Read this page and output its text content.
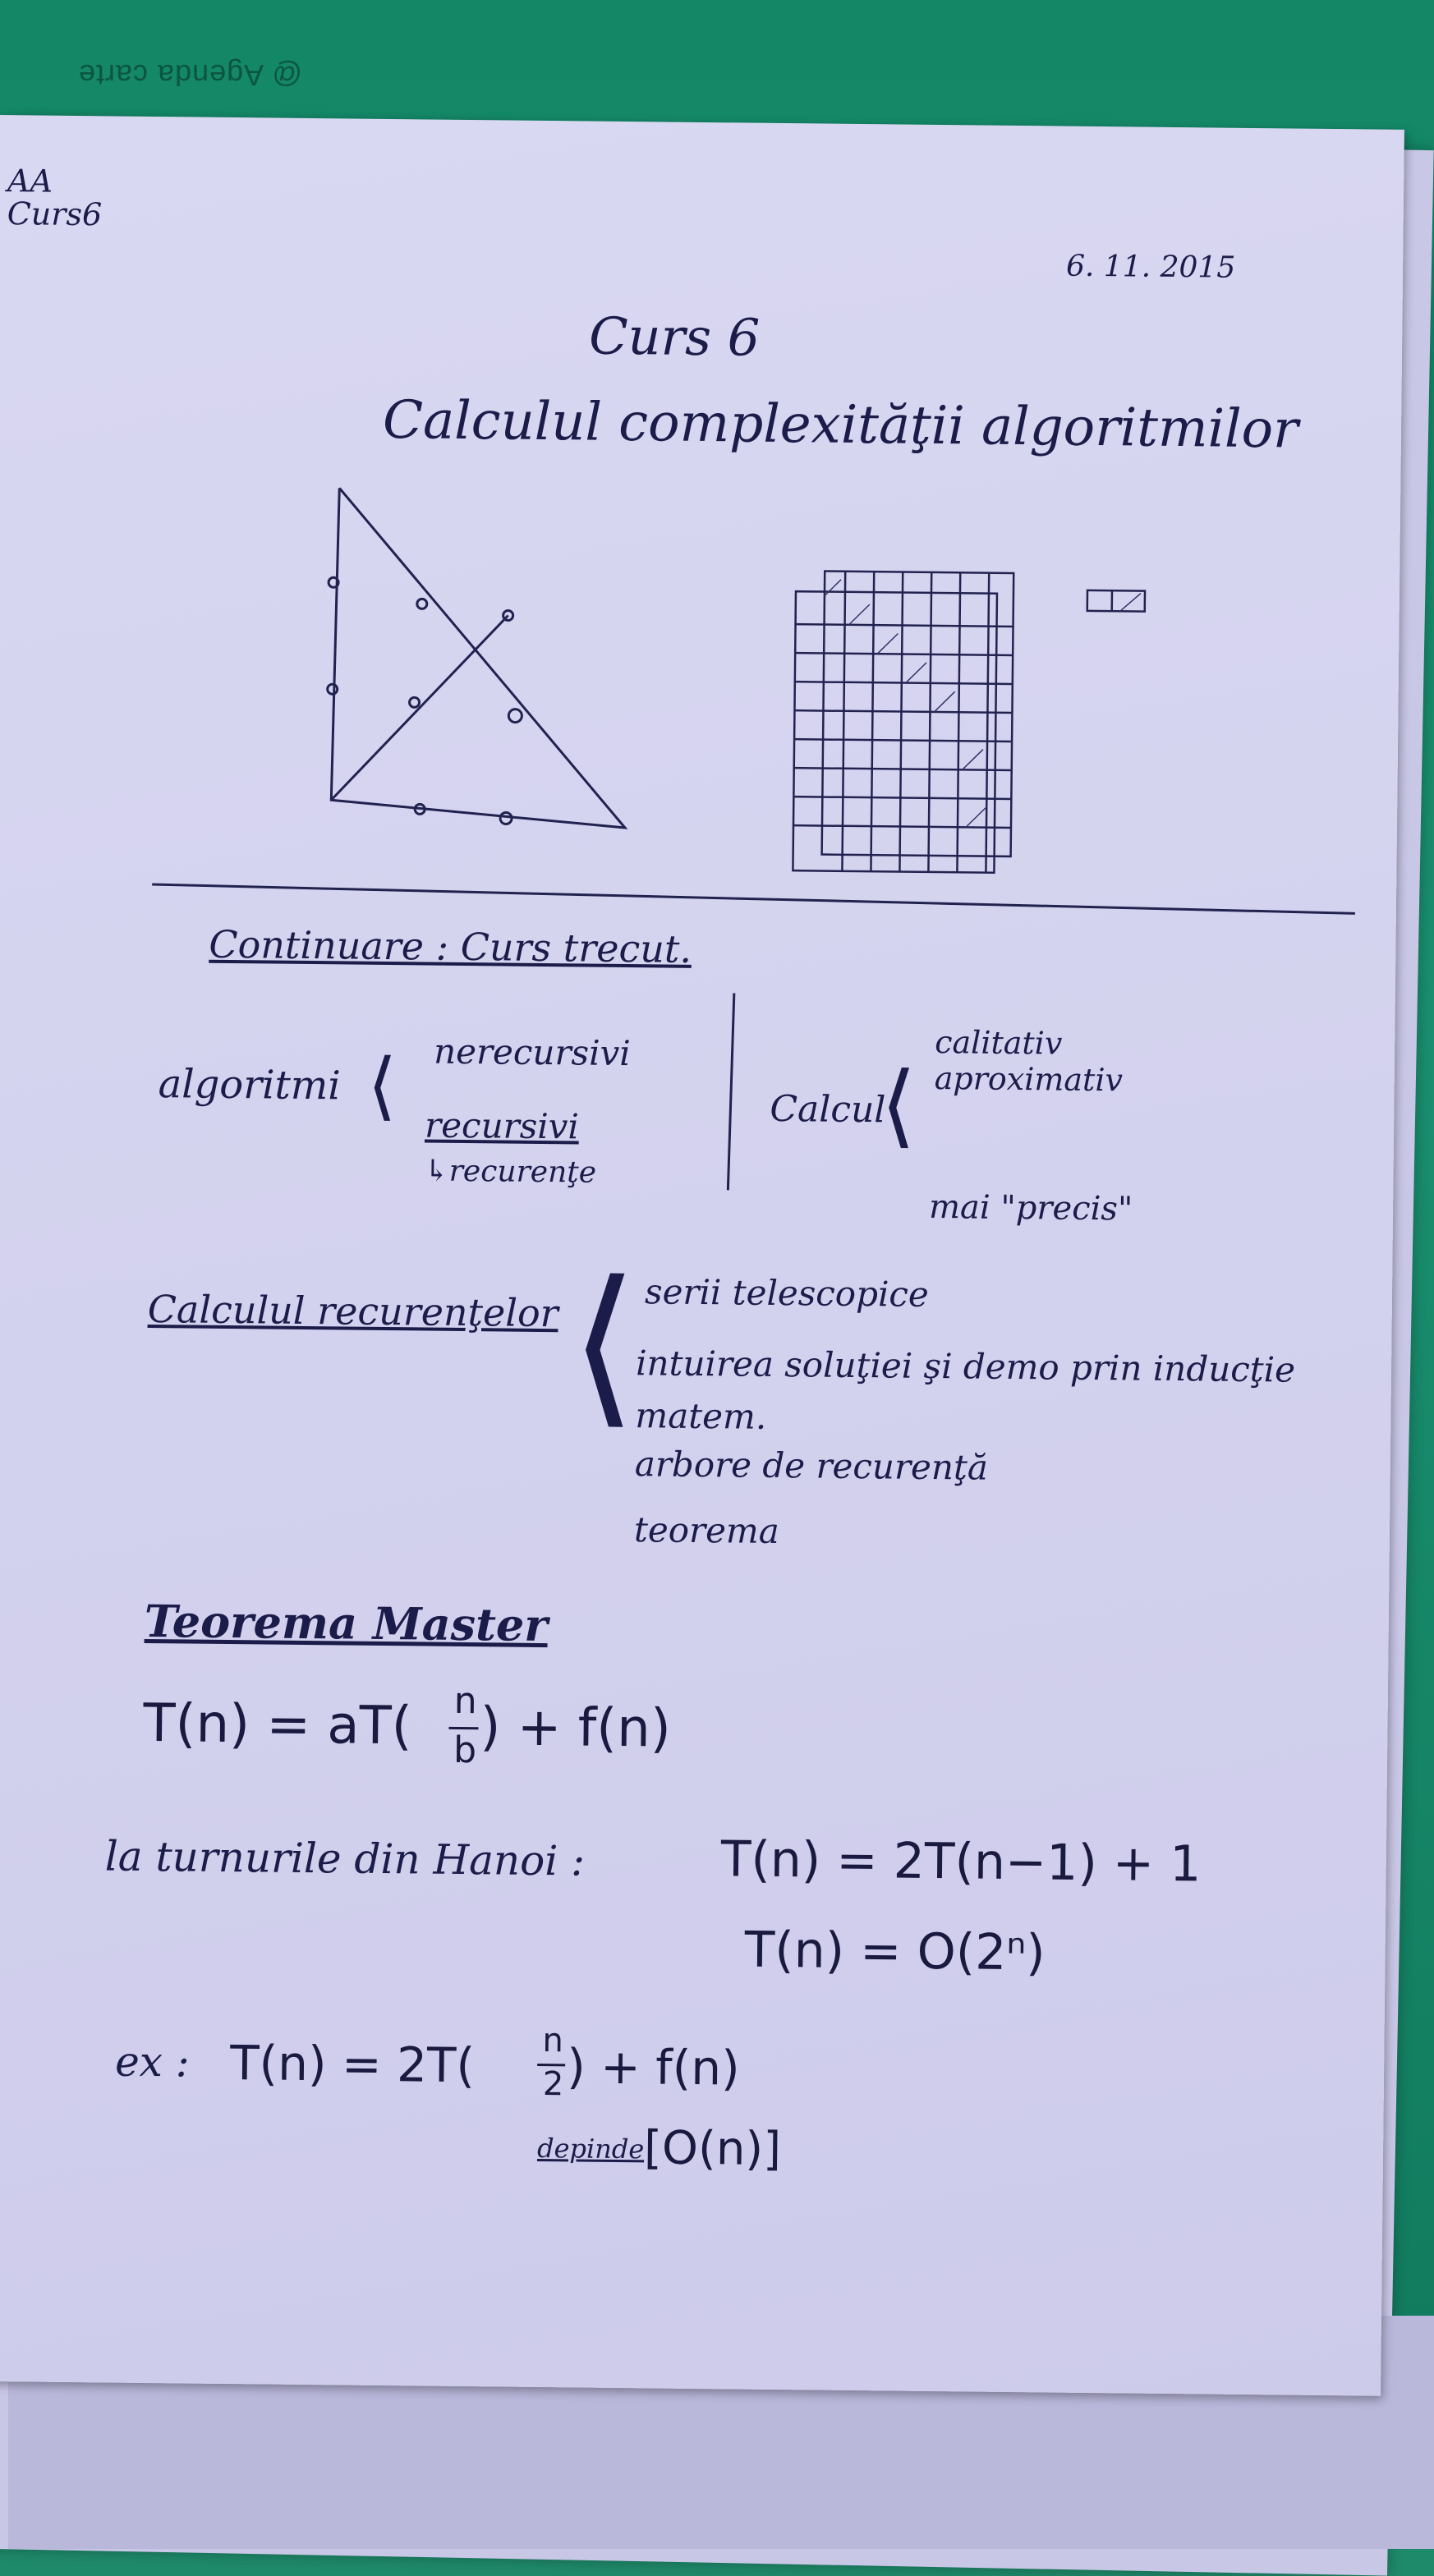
@ Agenda carte
AA Curs6
6. 11. 2015
Curs 6
Calculul complexităţii algoritmilor
Continuare : Curs trecut.
algoritmi ⟨ nerecursivi
recursivi
↳recurenţe
Calcul
⟨
calitativ aproximativ
mai "precis"
Calculul recurenţelor ⟨ serii telescopice
intuirea soluţiei şi demo prin inducţie matem.
arbore de recurenţă
teorema
Teorema Master
T(n) = aT( n
b ) + f(n)
la turnurile din Hanoi :	T(n) = 2T(n−1) + 1
T(n) = O(2ⁿ)
ex : T(n) = 2T( n
2 ) + f(n)
depinde [O(n)]
